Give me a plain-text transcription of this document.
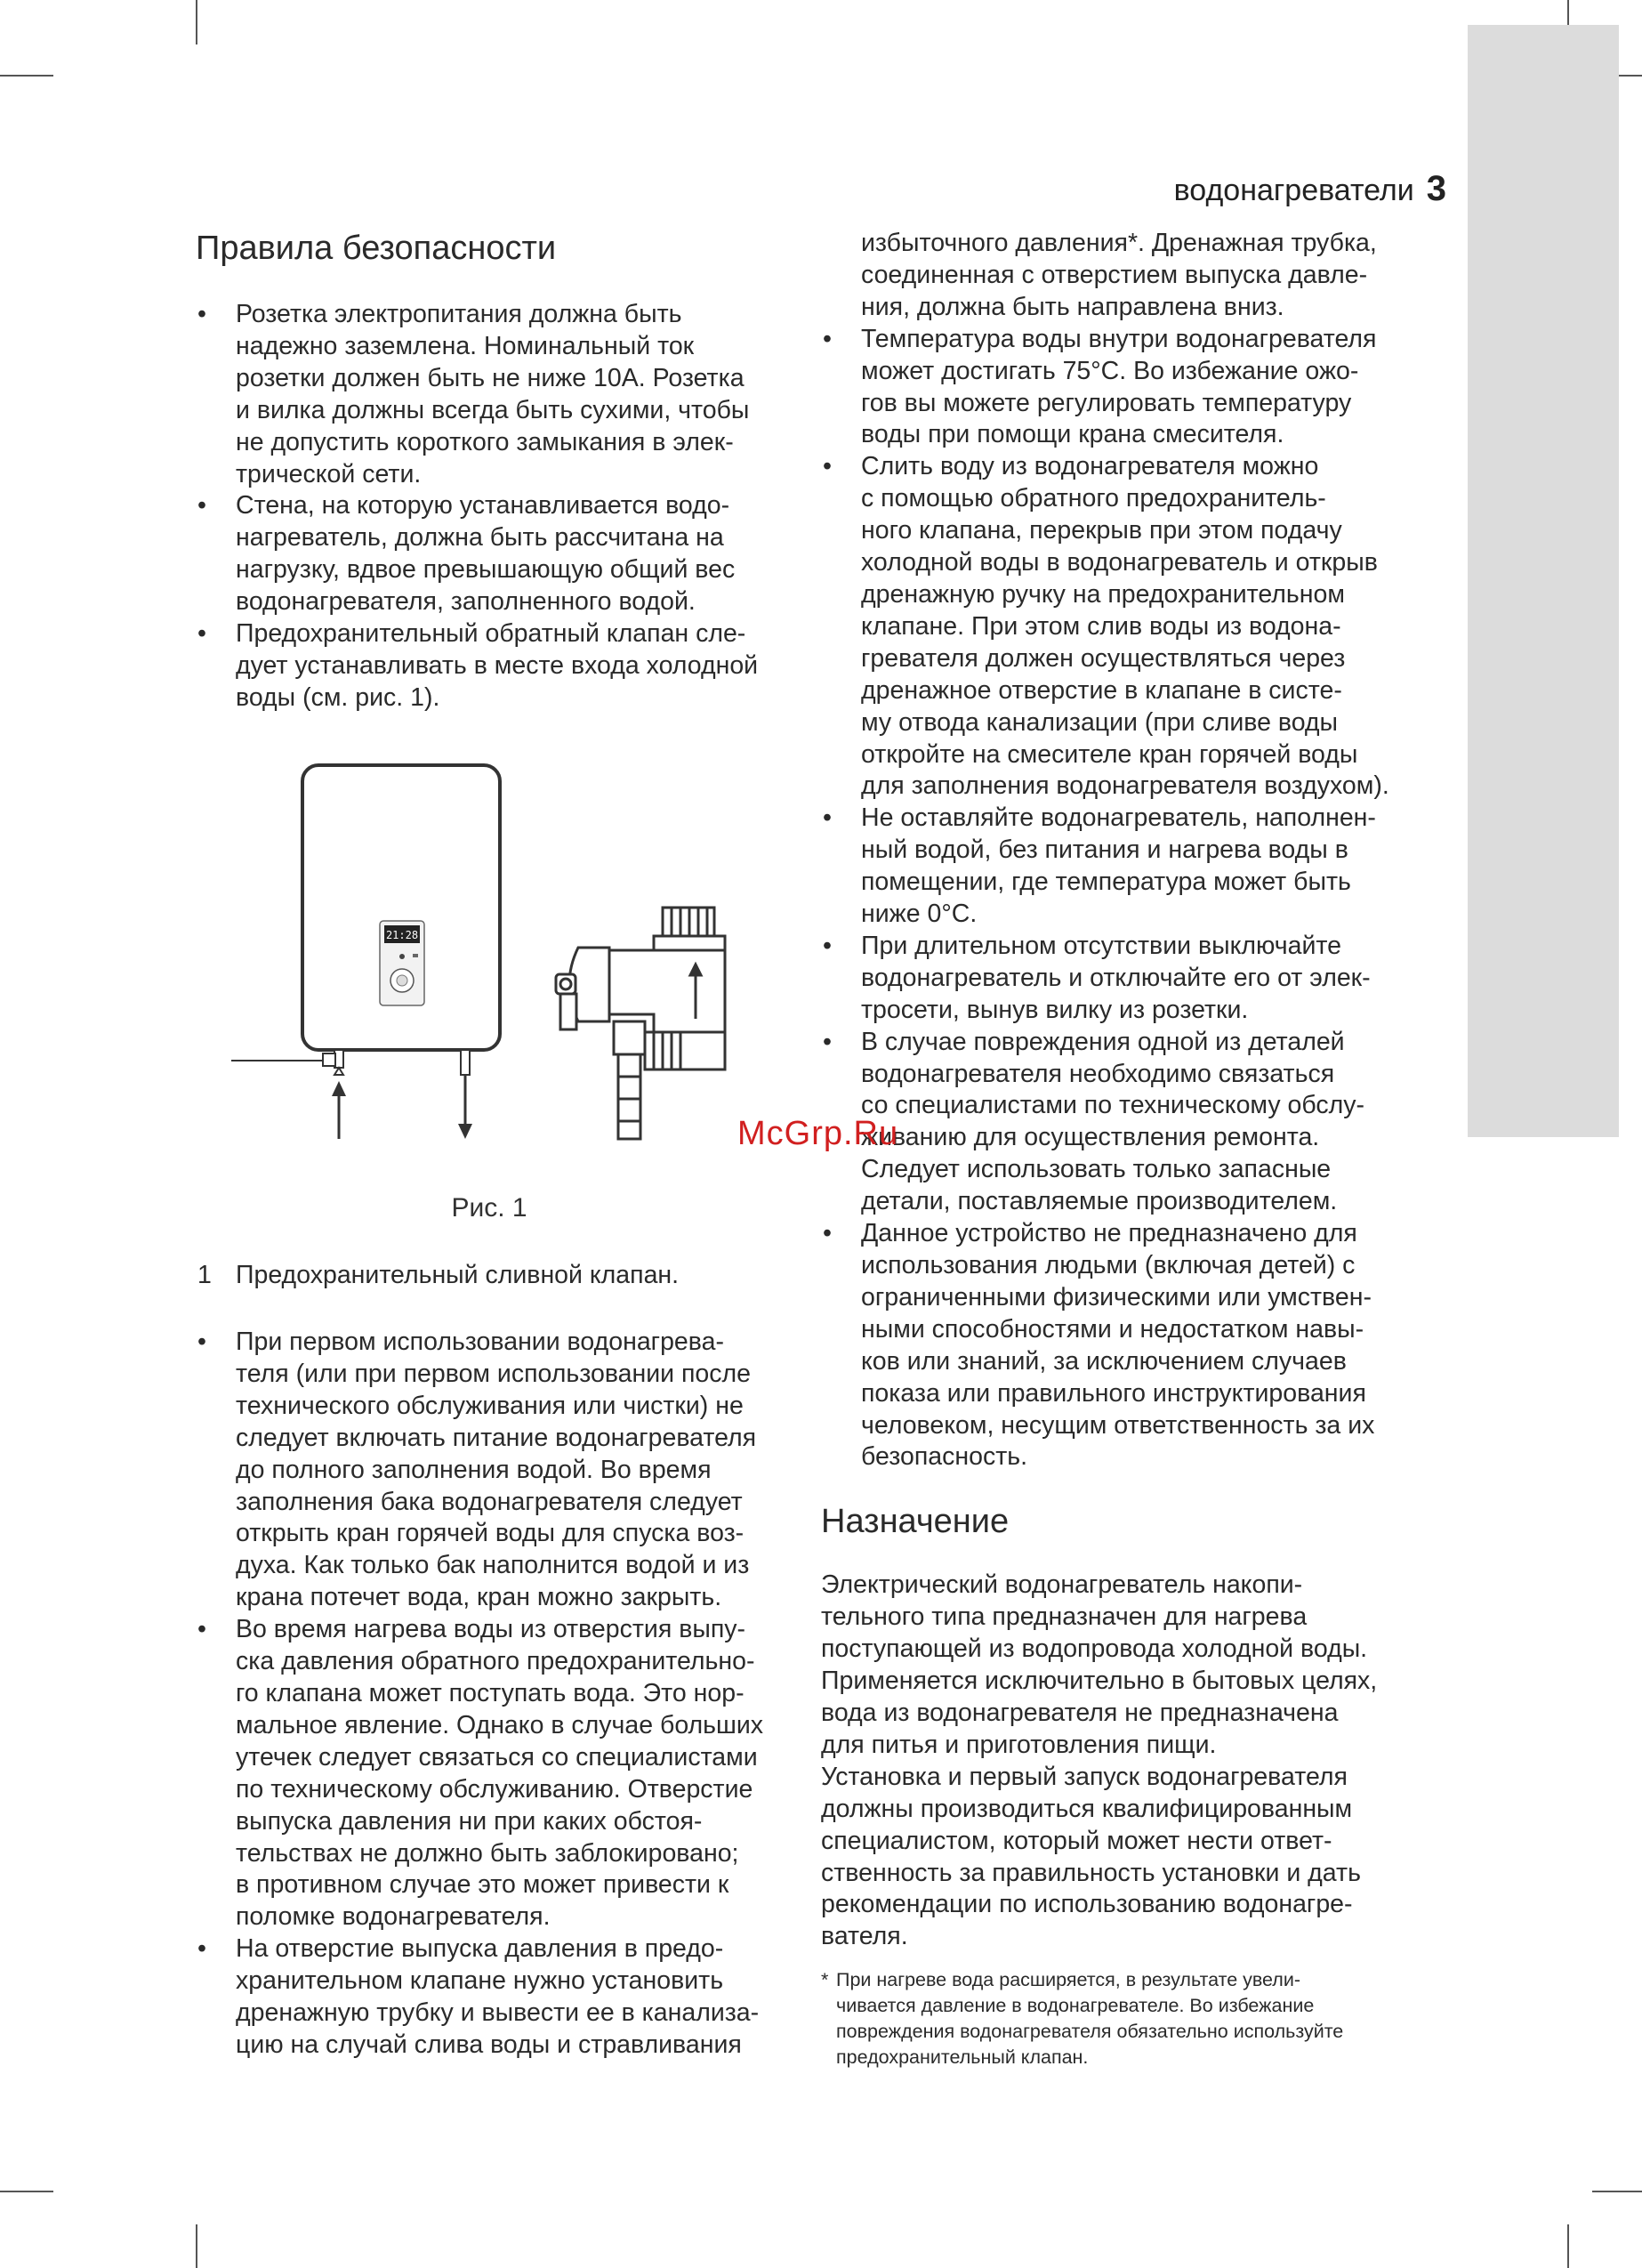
водонагреватели 3
Правила безопасности
• Розетка электропитания должна быть
надежно заземлена. Номинальный ток
розетки должен быть не ниже 10А. Розетка
и вилка должны всегда быть сухими, чтобы
не допустить короткого замыкания в элек-
трической сети.
• Стена, на которую устанавливается водо-
нагреватель, должна быть рассчитана на
нагрузку, вдвое превышающую общий вес
водонагревателя, заполненного водой.
• Предохранительный обратный клапан сле-
дует устанавливать в месте входа холодной
воды (см. рис. 1).
21:28
Рис. 1
1 Предохранительный сливной клапан.
• При первом использовании водонагрева-
теля (или при первом использовании после
технического обслуживания или чистки) не
следует включать питание водонагревателя
до полного заполнения водой. Во время
заполнения бака водонагревателя следует
открыть кран горячей воды для спуска воз-
духа. Как только бак наполнится водой и из
крана потечет вода, кран можно закрыть.
• Во время нагрева воды из отверстия выпу-
ска давления обратного предохранительно-
го клапана может поступать вода. Это нор-
мальное явление. Однако в случае больших
утечек следует связаться со специалистами
по техническому обслуживанию. Отверстие
выпуска давления ни при каких обстоя-
тельствах не должно быть заблокировано;
в противном случае это может привести к
поломке водонагревателя.
• На отверстие выпуска давления в предо-
хранительном клапане нужно установить
дренажную трубку и вывести ее в канализа-
цию на случай слива воды и стравливания
избыточного давления*. Дренажная трубка,
соединенная с отверстием выпуска давле-
ния, должна быть направлена вниз.
• Температура воды внутри водонагревателя
может достигать 75°C. Во избежание ожо-
гов вы можете регулировать температуру
воды при помощи крана смесителя.
• Слить воду из водонагревателя можно
с помощью обратного предохранитель-
ного клапана, перекрыв при этом подачу
холодной воды в водонагреватель и открыв
дренажную ручку на предохранительном
клапане. При этом слив воды из водона-
гревателя должен осуществляться через
дренажное отверстие в клапане в систе-
му отвода канализации (при сливе воды
откройте на смесителе кран горячей воды
для заполнения водонагревателя воздухом).
• Не оставляйте водонагреватель, наполнен-
ный водой, без питания и нагрева воды в
помещении, где температура может быть
ниже 0°C.
• При длительном отсутствии выключайте
водонагреватель и отключайте его от элек-
тросети, вынув вилку из розетки.
• В случае повреждения одной из деталей
водонагревателя необходимо связаться
со специалистами по техническому обслу-
живанию для осуществления ремонта.
Следует использовать только запасные
детали, поставляемые производителем.
• Данное устройство не предназначено для
использования людьми (включая детей) с
ограниченными физическими или умствен-
ными способностями и недостатком навы-
ков или знаний, за исключением случаев
показа или правильного инструктирования
человеком, несущим ответственность за их
безопасность.
Назначение
Электрический водонагреватель накопи-
тельного типа предназначен для нагрева
поступающей из водопровода холодной воды.
Применяется исключительно в бытовых целях,
вода из водонагревателя не предназначена
для питья и приготовления пищи.
Установка и первый запуск водонагревателя
должны производиться квалифицированным
специалистом, который может нести ответ-
ственность за правильность установки и дать
рекомендации по использованию водонагре-
вателя.
* При нагреве вода расширяется, в результате увели-
чивается давление в водонагревателе. Во избежание
повреждения водонагревателя обязательно используйте
предохранительный клапан.
McGrp.Ru
